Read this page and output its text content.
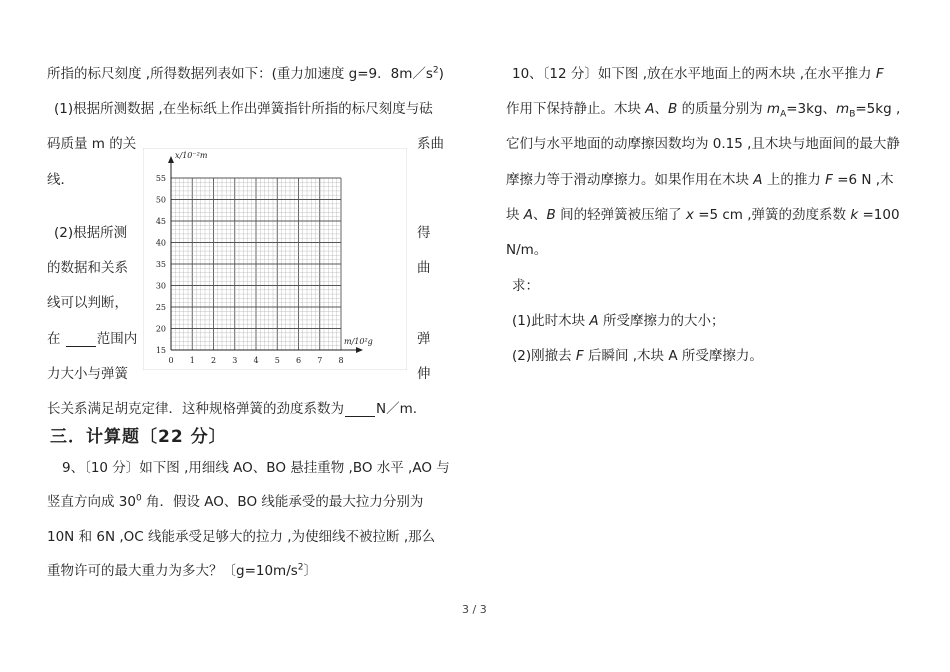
所指的标尺刻度 ,所得数据列表如下：(重力加速度 g=9．$8m/s^2$)
(1)根据所测数据 ,在坐标纸上作出弹簧指针所指的标尺刻度与砝
码质量 m 的关	系曲
线．
(2)根据所测	得
的数据和关系	曲
线可以判断，
在 范围内	弹
力大小与弹簧	伸
长关系满足胡克定律．这种规格弹簧的劲度系数为 N／m.
0 1 2 3 4 5 6 7 8
15
20
25
30
35
40
45
50
55
x/10⁻²m
m/10²g
三．计算题〔22 分〕
9、〔10 分〕如下图 ,用细线 AO、BO 悬挂重物 ,BO 水平 ,AO 与
竖直方向成 $30^0$ 角．假设 AO、BO 线能承受的最大拉力分别为
10N 和 6N ,OC 线能承受足够大的拉力 ,为使细线不被拉断 ,那么
重物许可的最大重力为多大？〔$g=10m/s^2$〕
10、〔12 分〕如下图 ,放在水平地面上的两木块 ,在水平推力 F
作用下保持静止。木块 A、B 的质量分别为 $m_A=3kg$、$m_B=5kg$ ,
它们与水平地面的动摩擦因数均为 0.15 ,且木块与地面间的最大静
摩擦力等于滑动摩擦力。如果作用在木块 A 上的推力 F =6 N ,木
块 A、B 间的轻弹簧被压缩了 x =5 cm ,弹簧的劲度系数 k =100
N/m。
求：
(1)此时木块 A 所受摩擦力的大小；
(2)刚撤去 F 后瞬间 ,木块 A 所受摩擦力。
3 / 3
